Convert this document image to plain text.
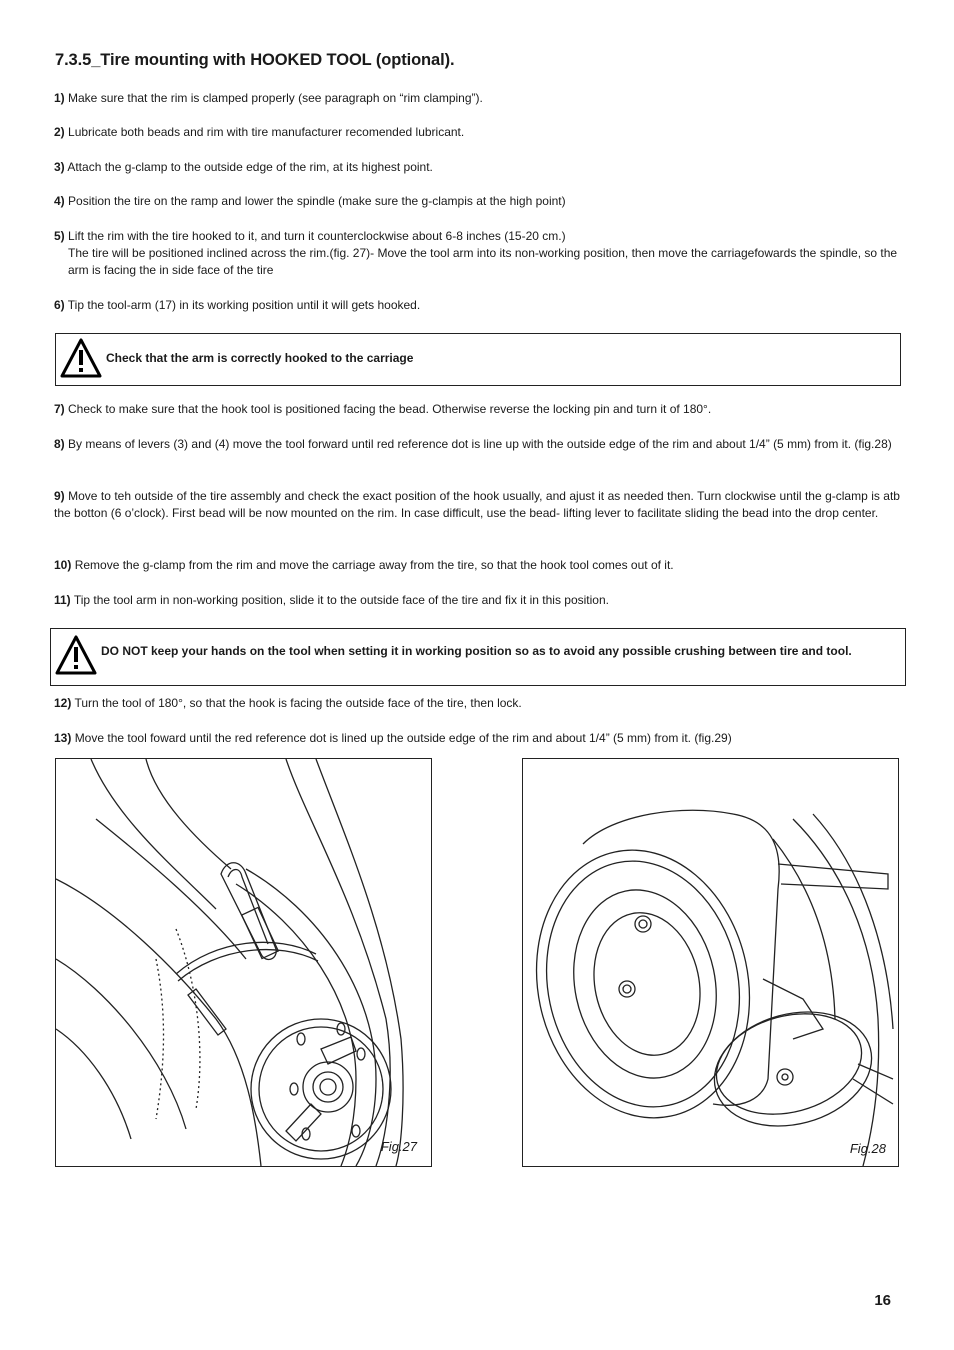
7.3.5_Tire mounting with HOOKED TOOL (optional).
1) Make sure that the rim is clamped properly (see paragraph on “rim clamping”).
2) Lubricate both beads and rim with tire manufacturer recomended lubricant.
3) Attach the g-clamp to the outside edge of the rim, at its highest point.
4) Position the tire on the ramp and lower the spindle (make sure the g-clampis at the high point)
5) Lift the rim with the tire hooked to it, and turn it counterclockwise about 6-8 inches (15-20 cm.)
The tire will be positioned inclined across the rim.(fig. 27)- Move the tool arm into its non-working position, then move the carriagefowards the spindle, so the arm is facing the in side face of the tire
6) Tip the tool-arm (17) in its working position until it will gets hooked.
Check that the arm is correctly hooked to the carriage
7) Check to make sure that the hook tool is positioned facing the bead. Otherwise reverse the locking pin and turn it of 180°.
8) By means of levers (3) and (4) move the tool forward until red reference dot is line up with the outside edge of the rim and about 1/4” (5 mm) from it. (fig.28)
9) Move to teh outside of the tire assembly and check the exact position of the hook usually, and ajust it as needed then. Turn clockwise until the g-clamp is atb the botton (6 o’clock). First bead will be now mounted on the rim. In case difficult, use the bead- lifting lever to facilitate sliding the bead into the drop center.
10) Remove the g-clamp from the rim and move the carriage away from the tire, so that the hook tool comes out of it.
11) Tip the tool arm in non-working position, slide it to the outside face of the tire and fix it in this position.
DO NOT keep your hands on the tool when setting it in working position so as to avoid any possible crushing between tire and tool.
12) Turn the tool of 180°, so that the hook is facing the outside face of the tire, then lock.
13) Move the tool foward until the red reference dot is lined up the outside edge of the rim and about 1/4” (5 mm) from it. (fig.29)
Fig.27	Fig.28
16
